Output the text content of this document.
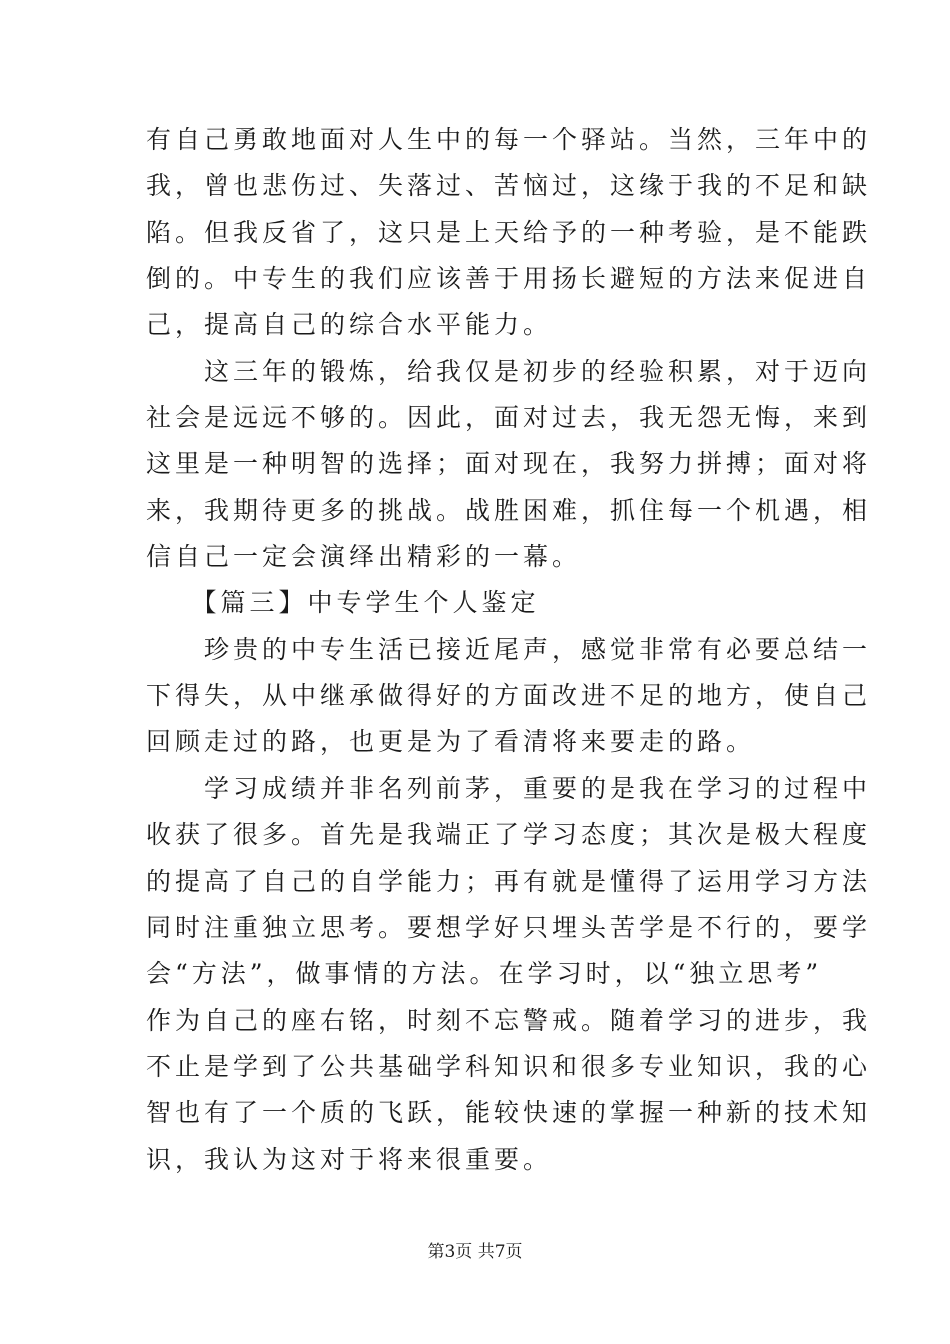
有自己勇敢地面对人生中的每一个驿站。当然，三年中的
我，曾也悲伤过、失落过、苦恼过，这缘于我的不足和缺
陷。但我反省了，这只是上天给予的一种考验，是不能跌
倒的。中专生的我们应该善于用扬长避短的方法来促进自
己，提高自己的综合水平能力。
　　这三年的锻炼，给我仅是初步的经验积累，对于迈向
社会是远远不够的。因此，面对过去，我无怨无悔，来到
这里是一种明智的选择；面对现在，我努力拼搏；面对将
来，我期待更多的挑战。战胜困难，抓住每一个机遇，相
信自己一定会演绎出精彩的一幕。
　　【篇三】中专学生个人鉴定
　　珍贵的中专生活已接近尾声，感觉非常有必要总结一
下得失，从中继承做得好的方面改进不足的地方，使自己
回顾走过的路，也更是为了看清将来要走的路。
　　学习成绩并非名列前茅，重要的是我在学习的过程中
收获了很多。首先是我端正了学习态度；其次是极大程度
的提高了自己的自学能力；再有就是懂得了运用学习方法
同时注重独立思考。要想学好只埋头苦学是不行的，要学
会“方法”，做事情的方法。在学习时，以“独立思考”
作为自己的座右铭，时刻不忘警戒。随着学习的进步，我
不止是学到了公共基础学科知识和很多专业知识，我的心
智也有了一个质的飞跃，能较快速的掌握一种新的技术知
识，我认为这对于将来很重要。
第3页 共7页
